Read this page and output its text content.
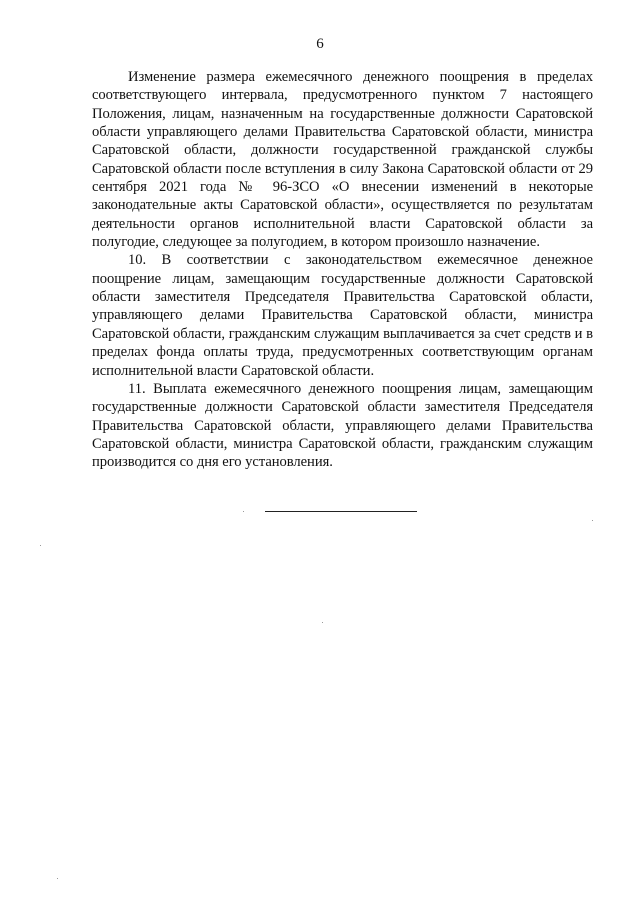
6

Изменение размера ежемесячного денежного поощрения в пределах соответствующего интервала, предусмотренного пунктом 7 настоящего Положения, лицам, назначенным на государственные должности Саратовской области управляющего делами Правительства Саратовской области, министра Саратовской области, должности государственной гражданской службы Саратовской области после вступления в силу Закона Саратовской области от 29 сентября 2021 года № 96-ЗСО «О внесении изменений в некоторые законодательные акты Саратовской области», осуществляется по результатам деятельности органов исполнительной власти Саратовской области за полугодие, следующее за полугодием, в котором произошло назначение.

10. В соответствии с законодательством ежемесячное денежное поощрение лицам, замещающим государственные должности Саратовской области заместителя Председателя Правительства Саратовской области, управляющего делами Правительства Саратовской области, министра Саратовской области, гражданским служащим выплачивается за счет средств и в пределах фонда оплаты труда, предусмотренных соответствующим органам исполнительной власти Саратовской области.

11. Выплата ежемесячного денежного поощрения лицам, замещающим государственные должности Саратовской области заместителя Председателя Правительства Саратовской области, управляющего делами Правительства Саратовской области, министра Саратовской области, гражданским служащим производится со дня его установления.
